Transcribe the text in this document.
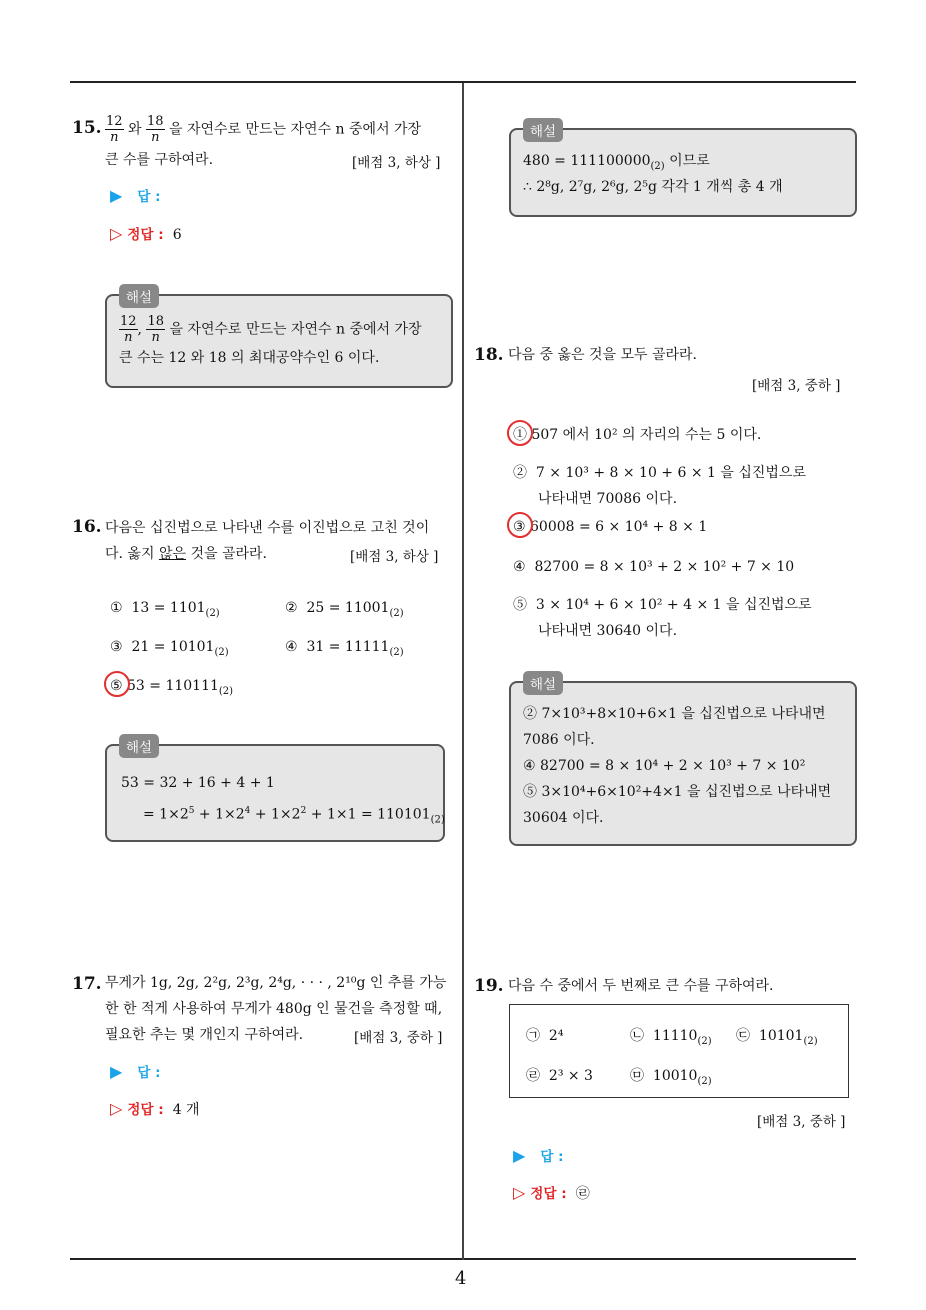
15. $\frac{12}{n}$ 와 $\frac{18}{n}$ 을 자연수로 만드는 자연수 n 중에서 가장
큰 수를 구하여라.	[배점 3, 하상 ]
▶ 답 :
▷ 정답 : 6
해설
$\frac{12}{n}$ , $\frac{18}{n}$ 을 자연수로 만드는 자연수 n 중에서 가장
큰 수는 12 와 18 의 최대공약수인 6 이다.
16. 다음은 십진법으로 나타낸 수를 이진법으로 고친 것이
다. 옳지 않은 것을 골라라.	[배점 3, 하상 ]
① $13 = 1101_{(2)}$	② $25 = 11001_{(2)}$
③ $21 = 10101_{(2)}$	④ $31 = 11111_{(2)}$
⑤ $53 = 110111_{(2)}$
해설
53 = 32 + 16 + 4 + 1
= $1\times 2^5 + 1\times 2^4 + 1\times 2^2 + 1\times 1 = 110101_{(2)}$
17. 무게가 1g, 2g, 2²g, 2³g, 2⁴g, · · · , 2¹⁰g 인 추를 가능
한 한 적게 사용하여 무게가 480g 인 물건을 측정할 때,
필요한 추는 몇 개인지 구하여라.	[배점 3, 중하 ]
▶ 답 :
▷ 정답 : 4 개
해설
$480 = 111100000_{(2)}$ 이므로
∴ 2⁸g, 2⁷g, 2⁶g, 2⁵g 각각 1 개씩 총 4 개
18. 다음 중 옳은 것을 모두 골라라.
[배점 3, 중하 ]
① 507 에서 10² 의 자리의 수는 5 이다.
② 7 × 10³ + 8 × 10 + 6 × 1 을 십진법으로
나타내면 70086 이다.
③ 60008 = 6 × 10⁴ + 8 × 1
④ 82700 = 8 × 10³ + 2 × 10² + 7 × 10
⑤ 3 × 10⁴ + 6 × 10² + 4 × 1 을 십진법으로
나타내면 30640 이다.
해설
② 7×10³+8×10+6×1 을 십진법으로 나타내면
7086 이다.
④ 82700 = 8 × 10⁴ + 2 × 10³ + 7 × 10²
⑤ 3×10⁴+6×10²+4×1 을 십진법으로 나타내면
30604 이다.
19. 다음 수 중에서 두 번째로 큰 수를 구하여라.
㉠ 2⁴	㉡ $11110_{(2)}$ ㉢ $10101_{(2)}$
㉣ 2³ × 3	㉤ $10010_{(2)}$
[배점 3, 중하 ]
▶ 답 :
▷ 정답 : ㉣
4
